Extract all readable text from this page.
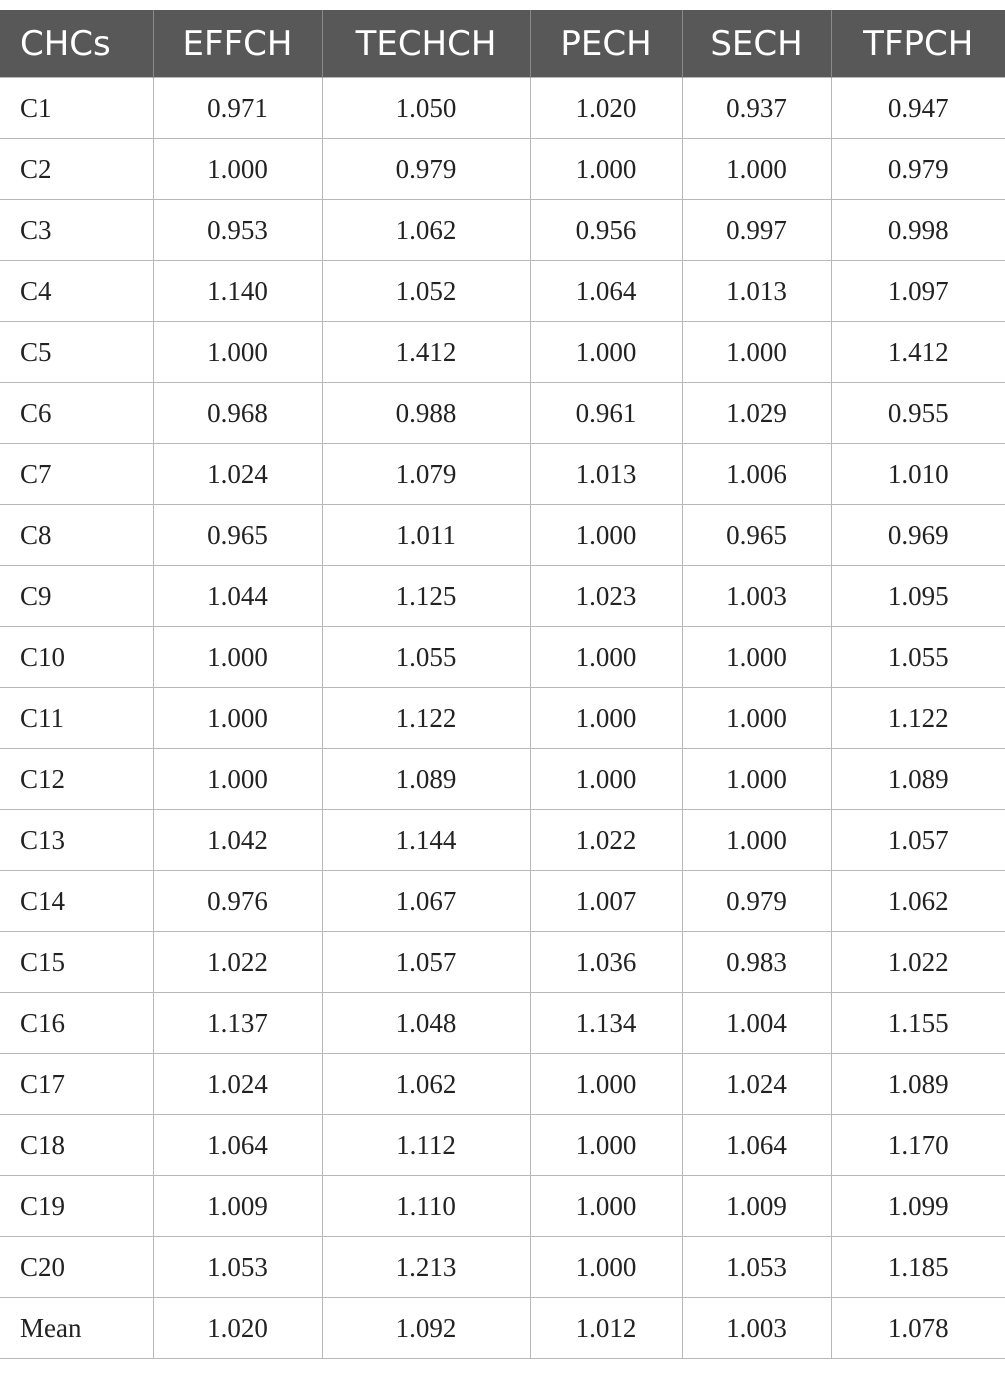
CHCs	EFFCH	TECHCH	PECH	SECH	TFPCH
C1	0.971	1.050	1.020	0.937	0.947
C2	1.000	0.979	1.000	1.000	0.979
C3	0.953	1.062	0.956	0.997	0.998
C4	1.140	1.052	1.064	1.013	1.097
C5	1.000	1.412	1.000	1.000	1.412
C6	0.968	0.988	0.961	1.029	0.955
C7	1.024	1.079	1.013	1.006	1.010
C8	0.965	1.011	1.000	0.965	0.969
C9	1.044	1.125	1.023	1.003	1.095
C10	1.000	1.055	1.000	1.000	1.055
C11	1.000	1.122	1.000	1.000	1.122
C12	1.000	1.089	1.000	1.000	1.089
C13	1.042	1.144	1.022	1.000	1.057
C14	0.976	1.067	1.007	0.979	1.062
C15	1.022	1.057	1.036	0.983	1.022
C16	1.137	1.048	1.134	1.004	1.155
C17	1.024	1.062	1.000	1.024	1.089
C18	1.064	1.112	1.000	1.064	1.170
C19	1.009	1.110	1.000	1.009	1.099
C20	1.053	1.213	1.000	1.053	1.185
Mean	1.020	1.092	1.012	1.003	1.078
